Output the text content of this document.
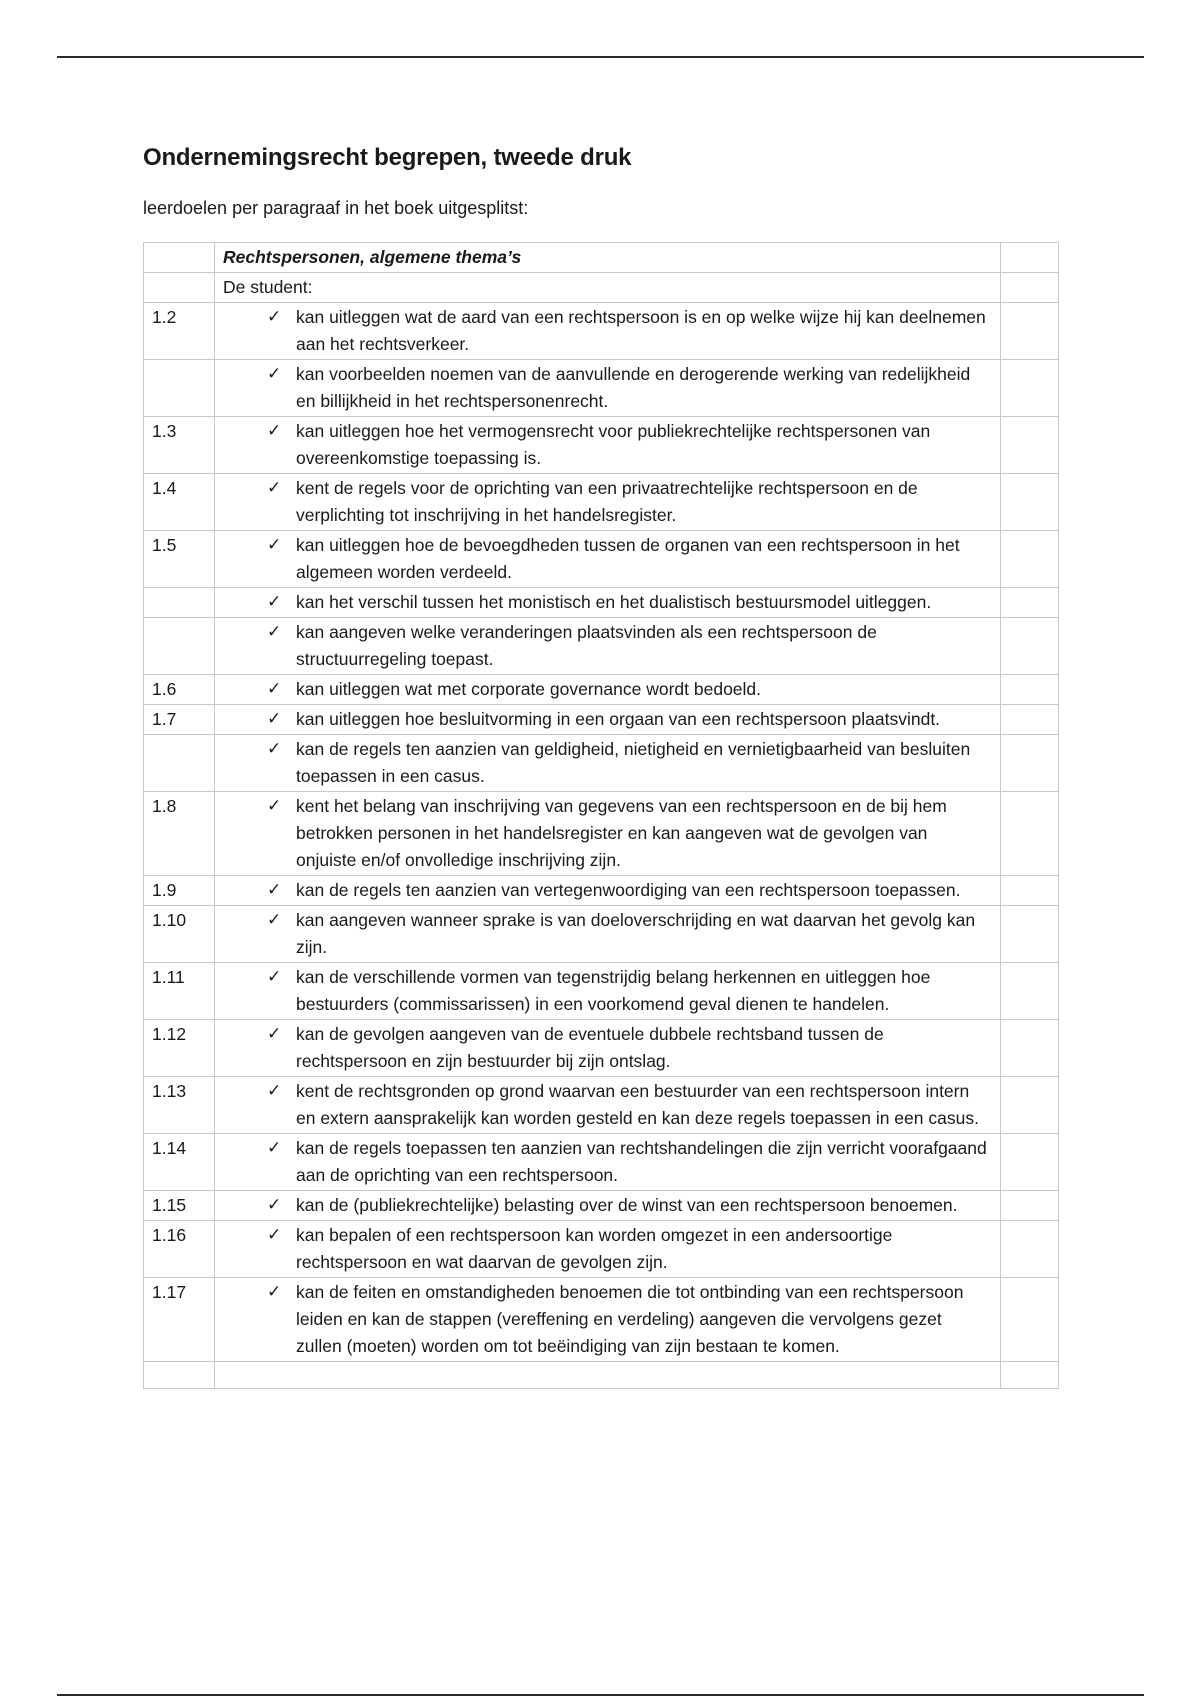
Ondernemingsrecht begrepen, tweede druk
leerdoelen per paragraaf in het boek uitgesplitst:
	Rechtspersonen, algemene thema’s	
	De student:	
1.2	✓ kan uitleggen wat de aard van een rechtspersoon is en op welke wijze hij kan deelnemen aan het rechtsverkeer.	

	✓ kan voorbeelden noemen van de aanvullende en derogerende werking van redelijkheid en billijkheid in het rechtspersonenrecht.	

1.3	✓ kan uitleggen hoe het vermogensrecht voor publiekrechtelijke rechtspersonen van overeenkomstige toepassing is.	

1.4	✓ kent de regels voor de oprichting van een privaatrechtelijke rechtspersoon en de verplichting tot inschrijving in het handelsregister.	

1.5	✓ kan uitleggen hoe de bevoegdheden tussen de organen van een rechtspersoon in het algemeen worden verdeeld.	

	✓ kan het verschil tussen het monistisch en het dualistisch bestuursmodel uitleggen.	

	✓ kan aangeven welke veranderingen plaatsvinden als een rechtspersoon de structuurregeling toepast.	

1.6	✓ kan uitleggen wat met corporate governance wordt bedoeld.	

1.7	✓ kan uitleggen hoe besluitvorming in een orgaan van een rechtspersoon plaatsvindt.	

	✓ kan de regels ten aanzien van geldigheid, nietigheid en vernietigbaarheid van besluiten toepassen in een casus.	

1.8	✓ kent het belang van inschrijving van gegevens van een rechtspersoon en de bij hem betrokken personen in het handelsregister en kan aangeven wat de gevolgen van onjuiste en/of onvolledige inschrijving zijn.	

1.9	✓ kan de regels ten aanzien van vertegenwoordiging van een rechtspersoon toepassen.	

1.10	✓ kan aangeven wanneer sprake is van doeloverschrijding en wat daarvan het gevolg kan zijn.	

1.11	✓ kan de verschillende vormen van tegenstrijdig belang herkennen en uitleggen hoe bestuurders (commissarissen) in een voorkomend geval dienen te handelen.	

1.12	✓ kan de gevolgen aangeven van de eventuele dubbele rechtsband tussen de rechtspersoon en zijn bestuurder bij zijn ontslag.	

1.13	✓ kent de rechtsgronden op grond waarvan een bestuurder van een rechtspersoon intern en extern aansprakelijk kan worden gesteld en kan deze regels toepassen in een casus.	

1.14	✓ kan de regels toepassen ten aanzien van rechtshandelingen die zijn verricht voorafgaand aan de oprichting van een rechtspersoon.	

1.15	✓ kan de (publiekrechtelijke) belasting over de winst van een rechtspersoon benoemen.	

1.16	✓ kan bepalen of een rechtspersoon kan worden omgezet in een andersoortige rechtspersoon en wat daarvan de gevolgen zijn.	

1.17	✓ kan de feiten en omstandigheden benoemen die tot ontbinding van een rechtspersoon leiden en kan de stappen (vereffening en verdeling) aangeven die vervolgens gezet zullen (moeten) worden om tot beëindiging van zijn bestaan te komen.	
